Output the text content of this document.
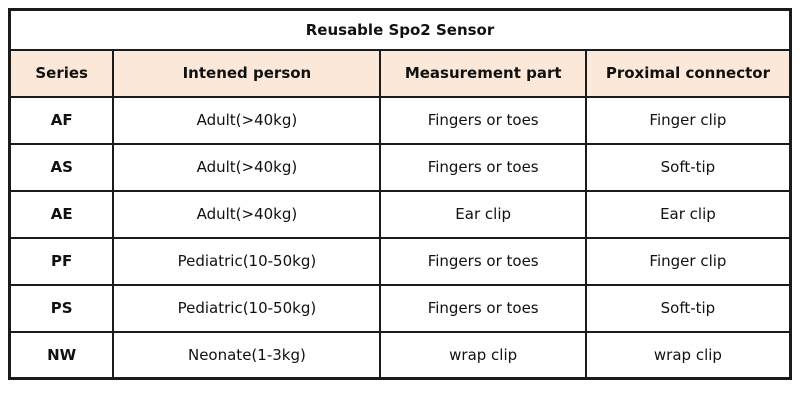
Reusable Spo2 Sensor			
Series	Intened person	Measurement part	Proximal connector
AF	Adult(>40kg)	Fingers or toes	Finger clip
AS	Adult(>40kg)	Fingers or toes	Soft-tip
AE	Adult(>40kg)	Ear clip	Ear clip
PF	Pediatric(10-50kg)	Fingers or toes	Finger clip
PS	Pediatric(10-50kg)	Fingers or toes	Soft-tip
NW	Neonate(1-3kg)	wrap clip	wrap clip
